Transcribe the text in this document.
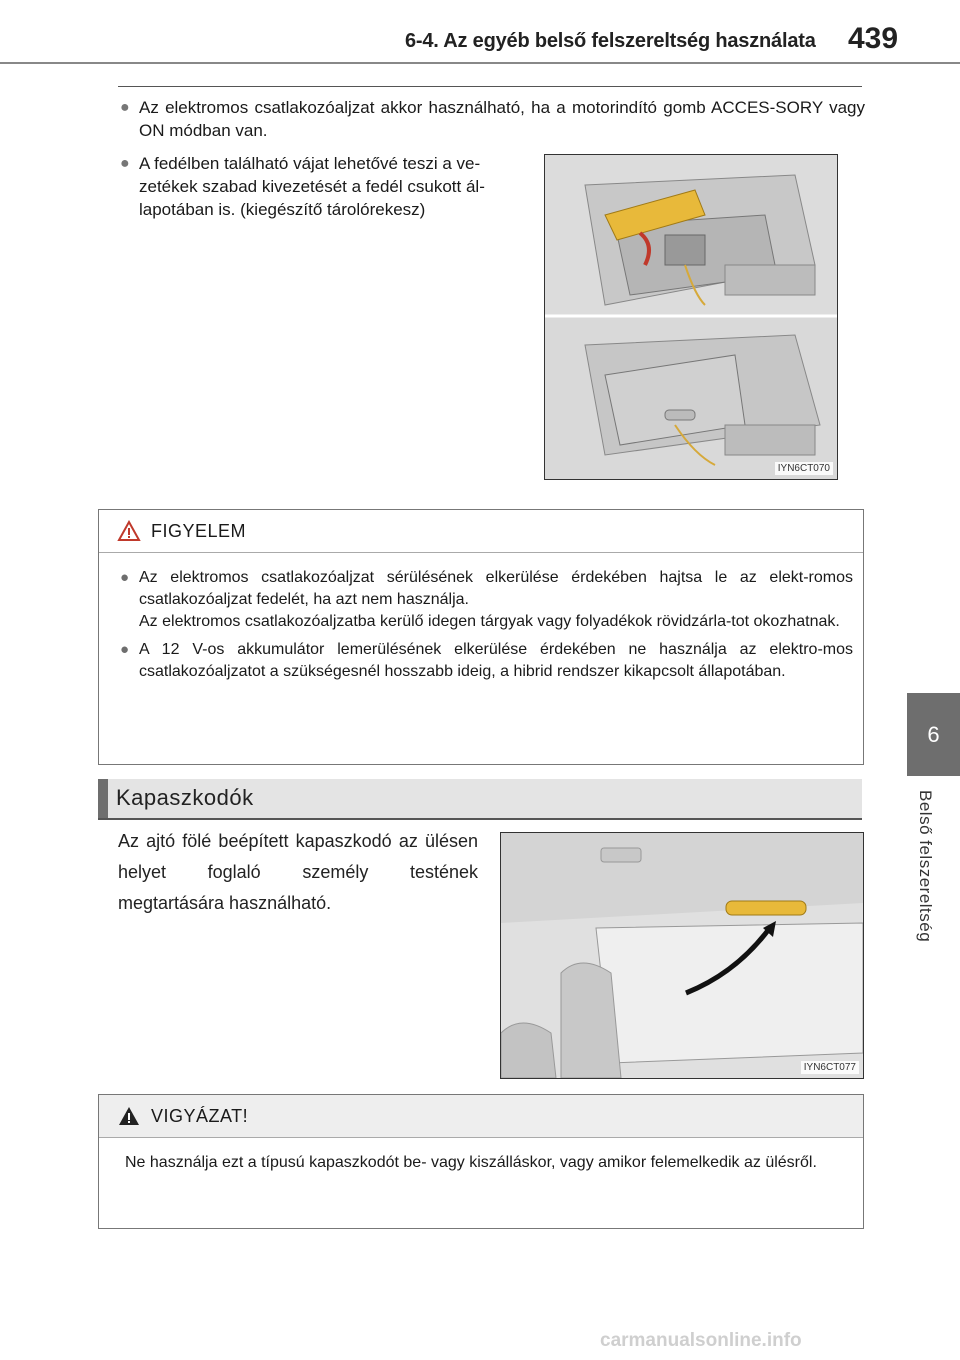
6-4. Az egyéb belső felszereltség használata 439
6
Belső felszereltség
● Az elektromos csatlakozóaljzat akkor használható, ha a motorindító gomb ACCES-SORY vagy ON módban van.
● A fedélben található vájat lehetővé teszi a ve-zetékek szabad kivezetését a fedél csukott ál-lapotában is. (kiegészítő tárolórekesz)
IYN6CT070
FIGYELEM
● Az elektromos csatlakozóaljzat sérülésének elkerülése érdekében hajtsa le az elekt-romos csatlakozóaljzat fedelét, ha azt nem használja.
Az elektromos csatlakozóaljzatba kerülő idegen tárgyak vagy folyadékok rövidzárla-tot okozhatnak.
● A 12 V-os akkumulátor lemerülésének elkerülése érdekében ne használja az elektro-mos csatlakozóaljzatot a szükségesnél hosszabb ideig, a hibrid rendszer kikapcsolt állapotában.
Kapaszkodók
Az ajtó fölé beépített kapaszkodó az ülésen helyet foglaló személy testének megtartására használható.
IYN6CT077
VIGYÁZAT!
Ne használja ezt a típusú kapaszkodót be- vagy kiszálláskor, vagy amikor felemelkedik az ülésről.
carmanualsonline.info
